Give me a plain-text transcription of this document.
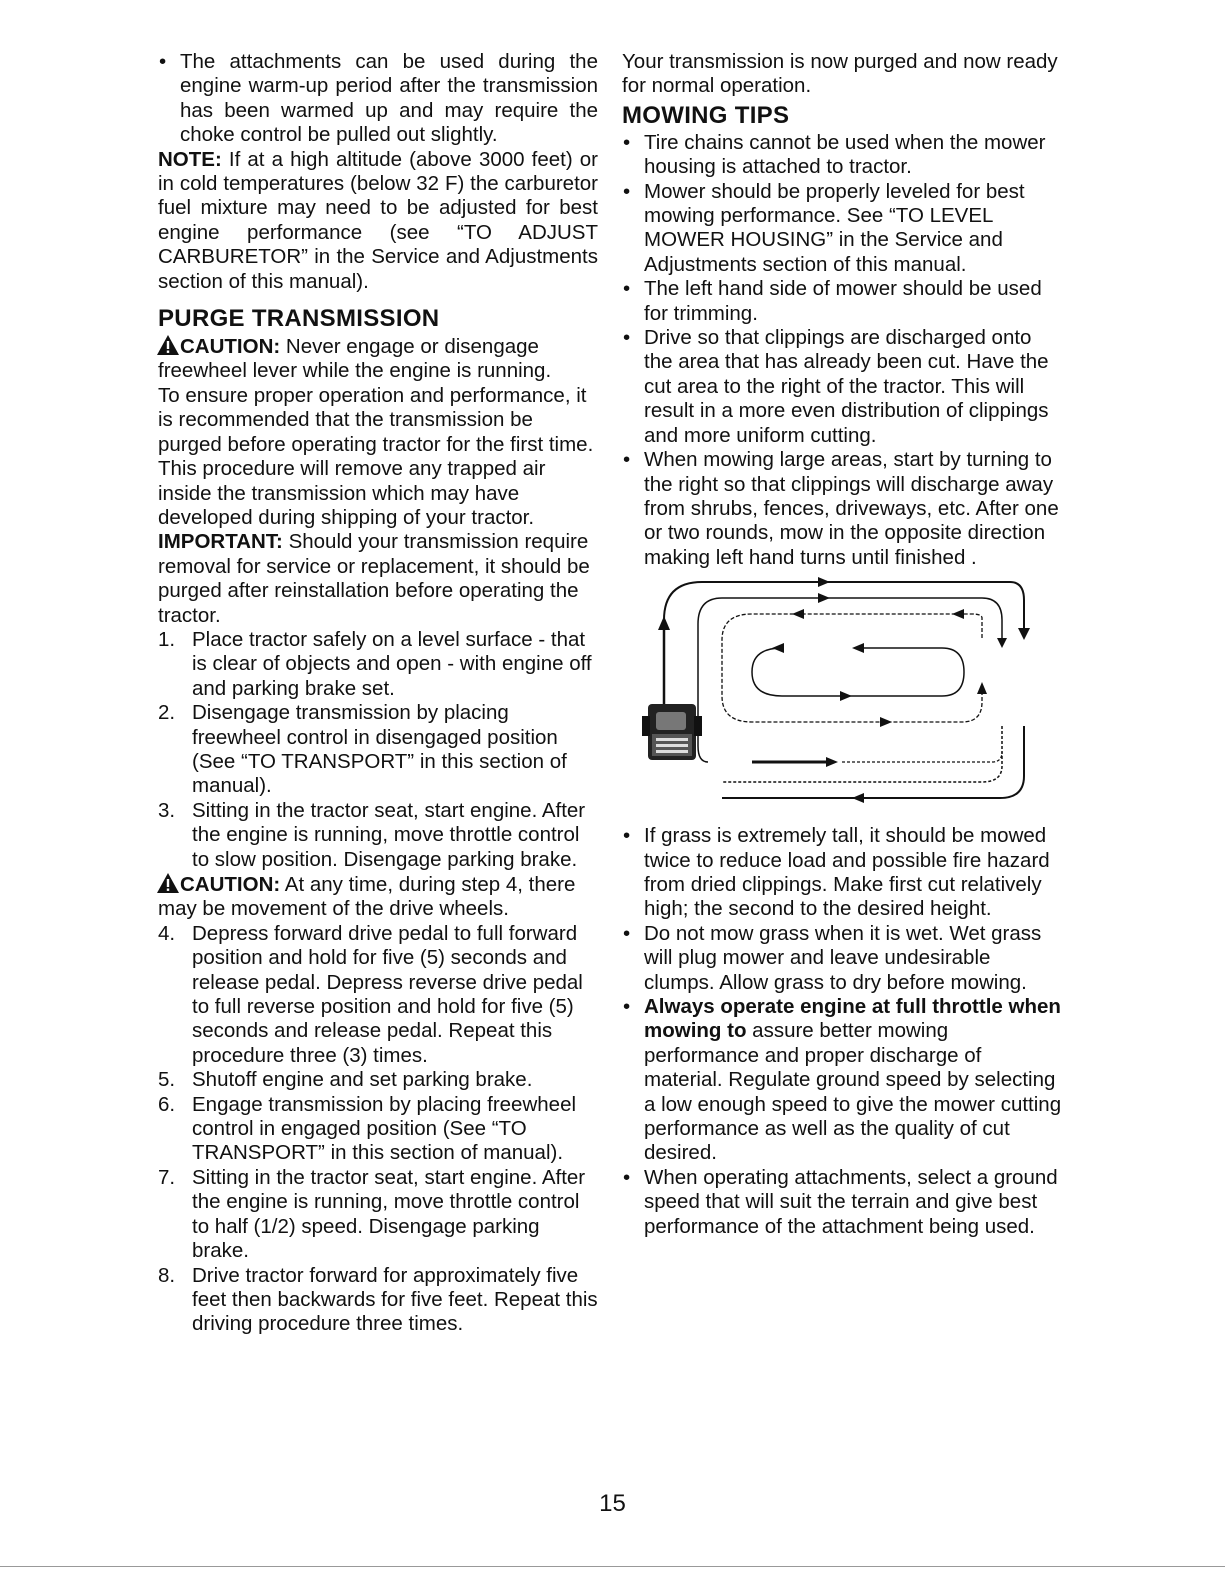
• The attachments can be used during the engine warm-up period after the transmission has been warmed up and may require the choke control be pulled out slightly.

NOTE: If at a high altitude (above 3000 feet) or in cold temperatures (below 32 F) the carburetor fuel mixture may need to be adjusted for best engine performance (see “TO ADJUST CARBURETOR” in the Service and Adjustments section of this manual).

PURGE TRANSMISSION

CAUTION: Never engage or disengage freewheel lever while the engine is running.

To ensure proper operation and performance, it is recommended that the transmission be purged before operating tractor for the first time. This procedure will remove any trapped air inside the transmission which may have developed during shipping of your tractor.

IMPORTANT: Should your transmission require removal for service or replacement, it should be purged after reinstallation before operating the tractor.

1. Place tractor safely on a level surface - that is clear of objects and open - with engine off and parking brake set.

2. Disengage transmission by placing freewheel control in disengaged position (See “TO TRANSPORT” in this section of manual).

3. Sitting in the tractor seat, start engine. After the engine is running, move throttle control to slow position. Disengage parking brake.

CAUTION: At any time, during step 4, there may be movement of the drive wheels.

4. Depress forward drive pedal to full forward position and hold for five (5) seconds and release pedal. Depress reverse drive pedal to full reverse position and hold for five (5) seconds and release pedal. Repeat this procedure three (3) times.

5. Shutoff engine and set parking brake.

6. Engage transmission by placing freewheel control in engaged position (See “TO TRANSPORT” in this section of manual).

7. Sitting in the tractor seat, start engine. After the engine is running, move throttle control to half (1/2) speed. Disengage parking brake.

8. Drive tractor forward for approximately five feet then backwards for five feet. Repeat this driving procedure three times.

Your transmission is now purged and now ready for normal operation.

MOWING TIPS

• Tire chains cannot be used when the mower housing is attached to tractor.

• Mower should be properly leveled for best mowing performance. See “TO LEVEL MOWER HOUSING” in the Service and Adjustments section of this manual.

• The left hand side of mower should be used for trimming.

• Drive so that clippings are discharged onto the area that has already been cut. Have the cut area to the right of the tractor. This will result in a more even distribution of clippings and more uniform cutting.

• When mowing large areas, start by turning to the right so that clippings will discharge away from shrubs, fences, driveways, etc. After one or two rounds, mow in the opposite direction making left hand turns until finished .

• If grass is extremely tall, it should be mowed twice to reduce load and possible fire hazard from dried clippings. Make first cut relatively high; the second to the desired height.

• Do not mow grass when it is wet. Wet grass will plug mower and leave undesirable clumps. Allow grass to dry before mowing.

• Always operate engine at full throttle when mowing to assure better mowing performance and proper discharge of material. Regulate ground speed by selecting a low enough speed to give the mower cutting performance as well as the quality of cut desired.

• When operating attachments, select a ground speed that will suit the terrain and give best performance of the attachment being used.

15
